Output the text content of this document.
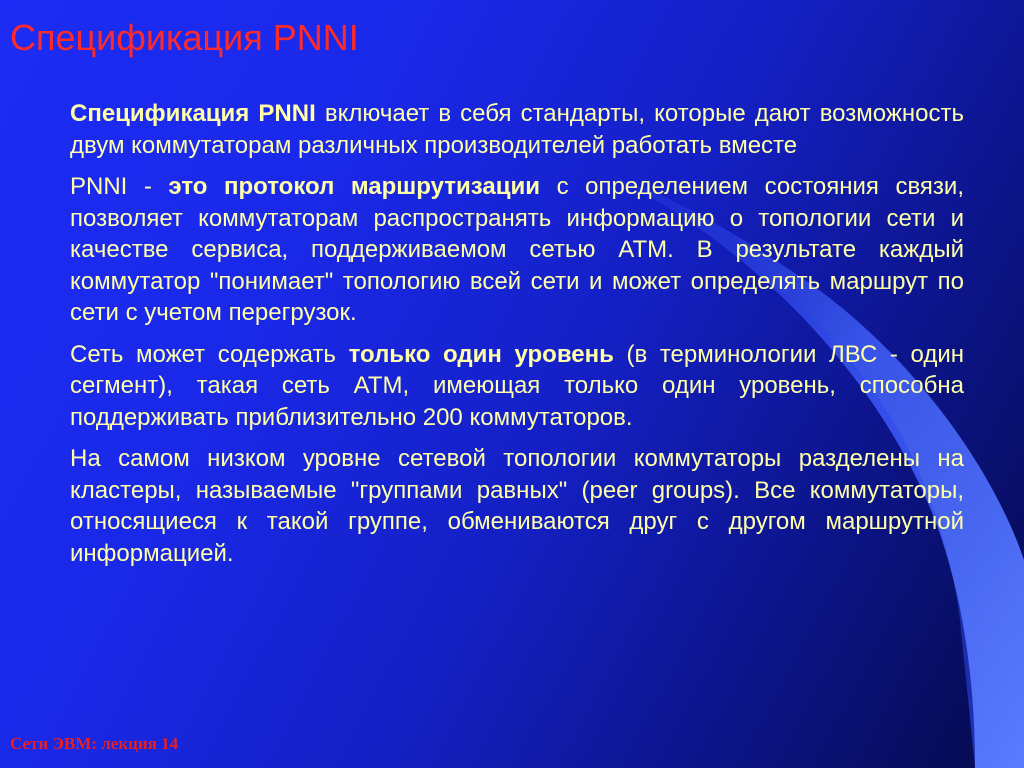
Спецификация PNNI

Спецификация PNNI включает в себя стандарты, которые дают возможность двум коммутаторам различных производителей работать вместе

PNNI - это протокол маршрутизации с определением состояния связи, позволяет коммутаторам распространять информацию о топологии сети и качестве сервиса, поддерживаемом сетью ATM. В результате каждый коммутатор "понимает" топологию всей сети и может определять маршрут по сети с учетом перегрузок.

Сеть может содержать только один уровень (в терминологии ЛВС - один сегмент), такая сеть ATM, имеющая только один уровень, способна поддерживать приблизительно 200 коммутаторов.

На самом низком уровне сетевой топологии коммутаторы разделены на кластеры, называемые "группами равных" (peer groups). Все коммутаторы, относящиеся к такой группе, обмениваются друг с другом маршрутной информацией.

Сети ЭВМ: лекция 14
